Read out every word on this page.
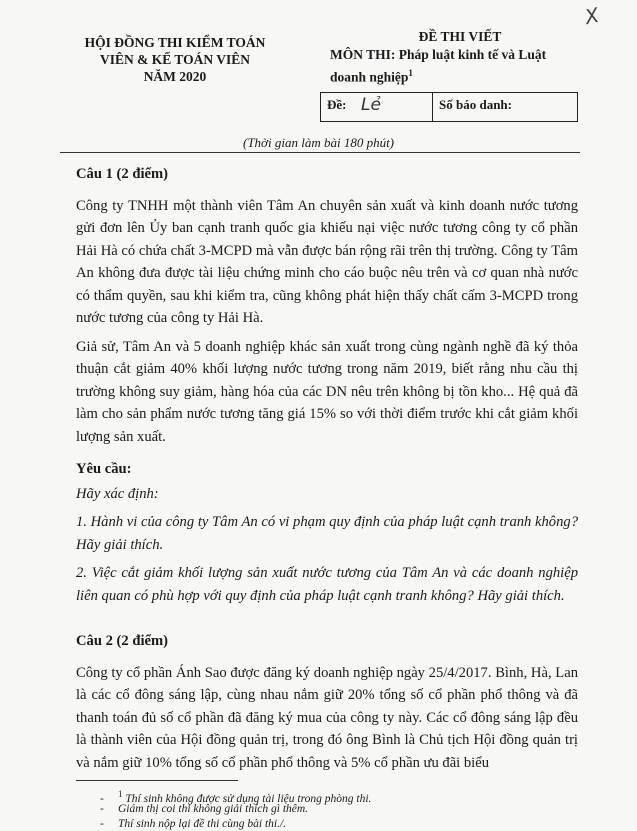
HỘI ĐỒNG THI KIỂM TOÁN
VIÊN & KẾ TOÁN VIÊN
NĂM 2020
ĐỀ THI VIẾT
MÔN THI: Pháp luật kinh tế và Luật
doanh nghiệp$^1$
X
Đề: Lẻ	Số báo danh:
(Thời gian làm bài 180 phút)

Câu 1 (2 điểm)

Công ty TNHH một thành viên Tâm An chuyên sản xuất và kinh doanh nước tương gửi đơn lên Ủy ban cạnh tranh quốc gia khiếu nại việc nước tương công ty cổ phần Hải Hà có chứa chất 3-MCPD mà vẫn được bán rộng rãi trên thị trường. Công ty Tâm An không đưa được tài liệu chứng minh cho cáo buộc nêu trên và cơ quan nhà nước có thẩm quyền, sau khi kiểm tra, cũng không phát hiện thấy chất cấm 3-MCPD trong nước tương của công ty Hải Hà.

Giả sử, Tâm An và 5 doanh nghiệp khác sản xuất trong cùng ngành nghề đã ký thỏa thuận cắt giảm 40% khối lượng nước tương trong năm 2019, biết rằng nhu cầu thị trường không suy giảm, hàng hóa của các DN nêu trên không bị tồn kho... Hệ quả đã làm cho sản phẩm nước tương tăng giá 15% so với thời điểm trước khi cắt giảm khối lượng sản xuất.

Yêu cầu:

Hãy xác định:

1. Hành vi của công ty Tâm An có vi phạm quy định của pháp luật cạnh tranh không? Hãy giải thích.

2. Việc cắt giảm khối lượng sản xuất nước tương của Tâm An và các doanh nghiệp liên quan có phù hợp với quy định của pháp luật cạnh tranh không? Hãy giải thích.

Câu 2 (2 điểm)

Công ty cổ phần Ánh Sao được đăng ký doanh nghiệp ngày 25/4/2017. Bình, Hà, Lan là các cổ đông sáng lập, cùng nhau nắm giữ 20% tổng số cổ phần phổ thông và đã thanh toán đủ số cổ phần đã đăng ký mua của công ty này. Các cổ đông sáng lập đều là thành viên của Hội đồng quản trị, trong đó ông Bình là Chủ tịch Hội đồng quản trị và nắm giữ 10% tổng số cổ phần phổ thông và 5% cổ phần ưu đãi biểu

- $^1$ Thí sinh không được sử dụng tài liệu trong phòng thi.
- Giám thị coi thi không giải thích gì thêm.
- Thí sinh nộp lại đề thi cùng bài thi./.
